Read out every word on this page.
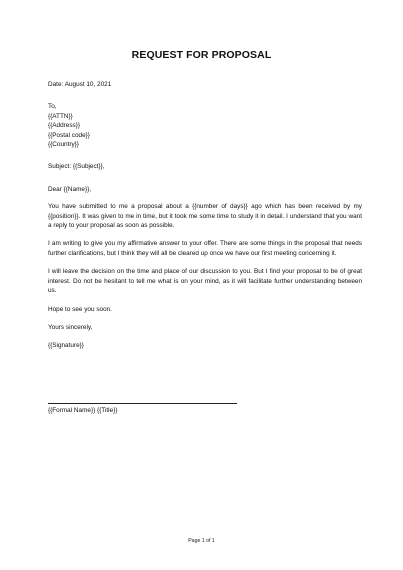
REQUEST FOR PROPOSAL
Date: August 10, 2021
To,
{{ATTN}}
{{Address}}
{{Postal code}}
{{Country}}
Subject: {{Subject}},
Dear {{Name}},
You have submitted to me a proposal about a {{number of days}} ago which has been received by my {{position}}. It was given to me in time, but it took me some time to study it in detail. I understand that you want a reply to your proposal as soon as possible.
I am writing to give you my affirmative answer to your offer. There are some things in the proposal that needs further clarifications, but I think they will all be cleared up once we have our first meeting concerning it.
I will leave the decision on the time and place of our discussion to you. But I find your proposal to be of great interest. Do not be hesitant to tell me what is on your mind, as it will facilitate further understanding between us.
Hope to see you soon.
Yours sincerely,
{{Signature}}
{{Formal Name}} {{Title}}
Page 1 of 1
